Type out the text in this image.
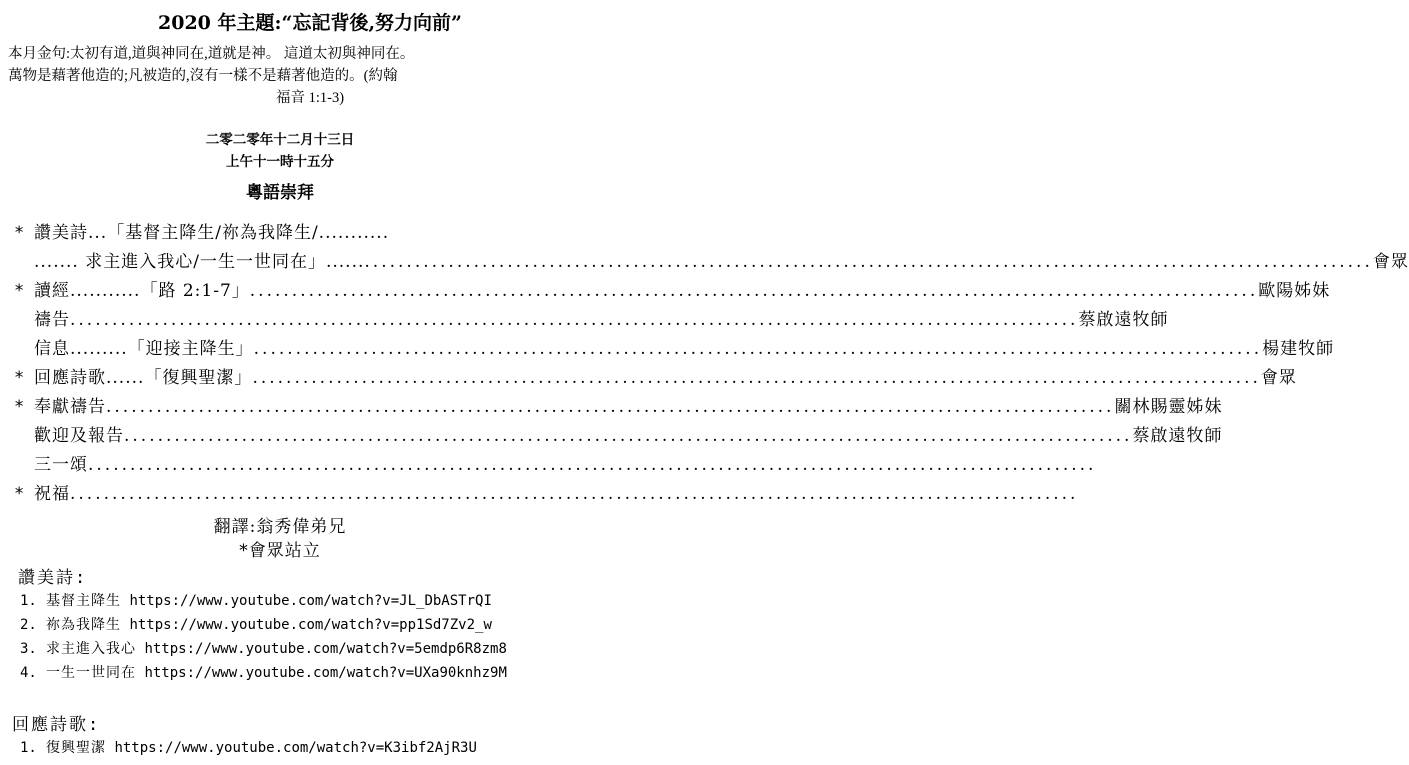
2020 年主題:“忘記背後,努力向前”
本月金句:太初有道,道與神同在,道就是神。 這道太初與神同在。
萬物是藉著他造的;凡被造的,沒有一樣不是藉著他造的。(約翰
福音 1:1-3)
二零二零年十二月十三日
上午十一時十五分
粵語崇拜
* 讚美詩...「基督主降生/祢為我降生/...........
....... 求主進入我心/一生一世同在」...... ........................................................................................................................ 會眾
* 讀經........... 「路 2:1-7」 ........................................................................................................................ 歐陽姊妹
禱告 ........................................................................................................................ 蔡啟遠牧師
信息......... 「迎接主降生」 ........................................................................................................................ 楊建牧師
* 回應詩歌...... 「復興聖潔」 ........................................................................................................................ 會眾
* 奉獻禱告 ........................................................................................................................ 關林賜靈姊妹
歡迎及報告 ........................................................................................................................ 蔡啟遠牧師
三一頌 ........................................................................................................................
* 祝福 ........................................................................................................................
翻譯:翁秀偉弟兄
*會眾站立
讚美詩:
1. 基督主降生 https://www.youtube.com/watch?v=JL_DbASTrQI
2. 祢為我降生 https://www.youtube.com/watch?v=pp1Sd7Zv2_w
3. 求主進入我心 https://www.youtube.com/watch?v=5emdp6R8zm8
4. 一生一世同在 https://www.youtube.com/watch?v=UXa90knhz9M
回應詩歌:
1. 復興聖潔 https://www.youtube.com/watch?v=K3ibf2AjR3U
